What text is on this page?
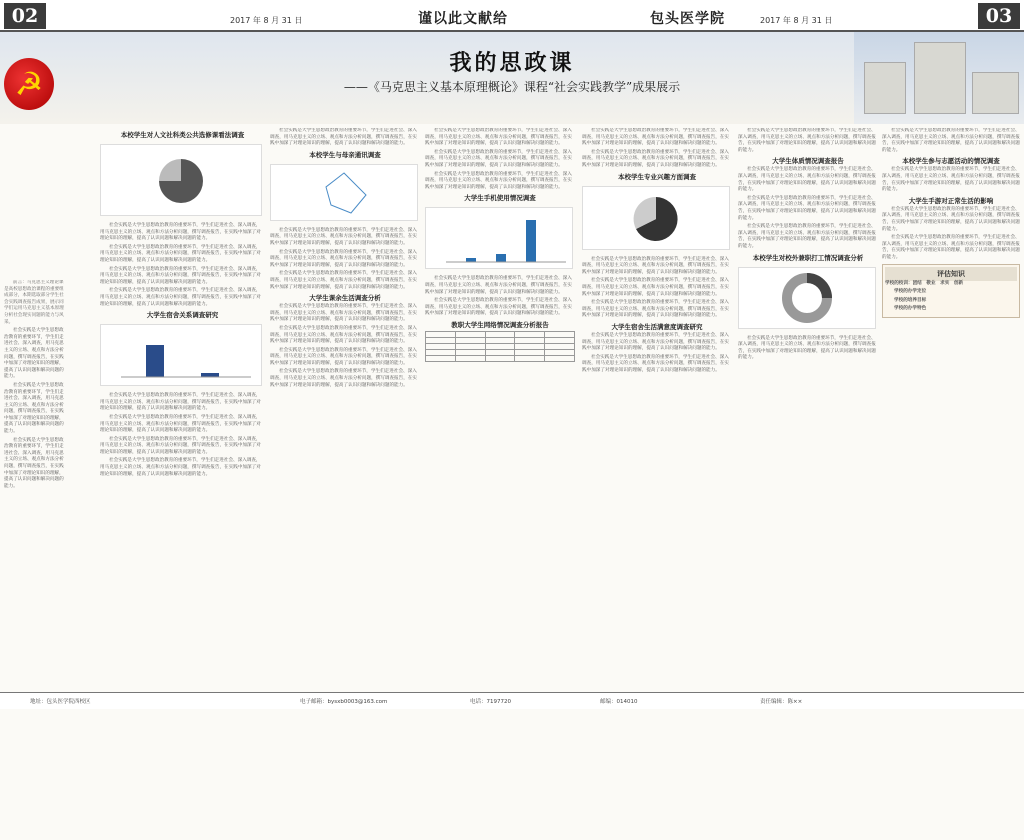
02	2017 年 8 月 31 日	谨以此文献给	包头医学院	2017 年 8 月 31 日	03
☭
我的思政课
——《马克思主义基本原理概论》课程“社会实践教学”成果展示

前言：马克思主义理论课是高校思想政治课程的重要组成部分，本期选取部分学生社会实践调查报告成果，展示同学们运用马克思主义基本原理分析社会现实问题的能力与风采。

社会实践是大学生思想政治教育的重要环节，学生们走进社会、深入调查，用马克思主义的立场、观点和方法分析问题，撰写调查报告，在实践中加深了对理论知识的理解，提高了认识问题和解决问题的能力。

社会实践是大学生思想政治教育的重要环节，学生们走进社会、深入调查，用马克思主义的立场、观点和方法分析问题，撰写调查报告，在实践中加深了对理论知识的理解，提高了认识问题和解决问题的能力。

社会实践是大学生思想政治教育的重要环节，学生们走进社会、深入调查，用马克思主义的立场、观点和方法分析问题，撰写调查报告，在实践中加深了对理论知识的理解，提高了认识问题和解决问题的能力。

本校学生对人文社科类公共选修课看法调查

社会实践是大学生思想政治教育的重要环节，学生们走进社会、深入调查，用马克思主义的立场、观点和方法分析问题，撰写调查报告，在实践中加深了对理论知识的理解，提高了认识问题和解决问题的能力。

社会实践是大学生思想政治教育的重要环节，学生们走进社会、深入调查，用马克思主义的立场、观点和方法分析问题，撰写调查报告，在实践中加深了对理论知识的理解，提高了认识问题和解决问题的能力。

社会实践是大学生思想政治教育的重要环节，学生们走进社会、深入调查，用马克思主义的立场、观点和方法分析问题，撰写调查报告，在实践中加深了对理论知识的理解，提高了认识问题和解决问题的能力。

社会实践是大学生思想政治教育的重要环节，学生们走进社会、深入调查，用马克思主义的立场、观点和方法分析问题，撰写调查报告，在实践中加深了对理论知识的理解，提高了认识问题和解决问题的能力。

大学生宿舍关系调查研究

社会实践是大学生思想政治教育的重要环节，学生们走进社会、深入调查，用马克思主义的立场、观点和方法分析问题，撰写调查报告，在实践中加深了对理论知识的理解，提高了认识问题和解决问题的能力。

社会实践是大学生思想政治教育的重要环节，学生们走进社会、深入调查，用马克思主义的立场、观点和方法分析问题，撰写调查报告，在实践中加深了对理论知识的理解，提高了认识问题和解决问题的能力。

社会实践是大学生思想政治教育的重要环节，学生们走进社会、深入调查，用马克思主义的立场、观点和方法分析问题，撰写调查报告，在实践中加深了对理论知识的理解，提高了认识问题和解决问题的能力。

社会实践是大学生思想政治教育的重要环节，学生们走进社会、深入调查，用马克思主义的立场、观点和方法分析问题，撰写调查报告，在实践中加深了对理论知识的理解，提高了认识问题和解决问题的能力。

社会实践是大学生思想政治教育的重要环节，学生们走进社会、深入调查，用马克思主义的立场、观点和方法分析问题，撰写调查报告，在实践中加深了对理论知识的理解，提高了认识问题和解决问题的能力。

本校学生与母亲通讯调查

社会实践是大学生思想政治教育的重要环节，学生们走进社会、深入调查，用马克思主义的立场、观点和方法分析问题，撰写调查报告，在实践中加深了对理论知识的理解，提高了认识问题和解决问题的能力。

社会实践是大学生思想政治教育的重要环节，学生们走进社会、深入调查，用马克思主义的立场、观点和方法分析问题，撰写调查报告，在实践中加深了对理论知识的理解，提高了认识问题和解决问题的能力。

社会实践是大学生思想政治教育的重要环节，学生们走进社会、深入调查，用马克思主义的立场、观点和方法分析问题，撰写调查报告，在实践中加深了对理论知识的理解，提高了认识问题和解决问题的能力。

大学生课余生活调查分析

社会实践是大学生思想政治教育的重要环节，学生们走进社会、深入调查，用马克思主义的立场、观点和方法分析问题，撰写调查报告，在实践中加深了对理论知识的理解，提高了认识问题和解决问题的能力。

社会实践是大学生思想政治教育的重要环节，学生们走进社会、深入调查，用马克思主义的立场、观点和方法分析问题，撰写调查报告，在实践中加深了对理论知识的理解，提高了认识问题和解决问题的能力。

社会实践是大学生思想政治教育的重要环节，学生们走进社会、深入调查，用马克思主义的立场、观点和方法分析问题，撰写调查报告，在实践中加深了对理论知识的理解，提高了认识问题和解决问题的能力。

社会实践是大学生思想政治教育的重要环节，学生们走进社会、深入调查，用马克思主义的立场、观点和方法分析问题，撰写调查报告，在实践中加深了对理论知识的理解，提高了认识问题和解决问题的能力。

社会实践是大学生思想政治教育的重要环节，学生们走进社会、深入调查，用马克思主义的立场、观点和方法分析问题，撰写调查报告，在实践中加深了对理论知识的理解，提高了认识问题和解决问题的能力。

社会实践是大学生思想政治教育的重要环节，学生们走进社会、深入调查，用马克思主义的立场、观点和方法分析问题，撰写调查报告，在实践中加深了对理论知识的理解，提高了认识问题和解决问题的能力。

社会实践是大学生思想政治教育的重要环节，学生们走进社会、深入调查，用马克思主义的立场、观点和方法分析问题，撰写调查报告，在实践中加深了对理论知识的理解，提高了认识问题和解决问题的能力。

大学生手机使用情况调查

社会实践是大学生思想政治教育的重要环节，学生们走进社会、深入调查，用马克思主义的立场、观点和方法分析问题，撰写调查报告，在实践中加深了对理论知识的理解，提高了认识问题和解决问题的能力。

社会实践是大学生思想政治教育的重要环节，学生们走进社会、深入调查，用马克思主义的立场、观点和方法分析问题，撰写调查报告，在实践中加深了对理论知识的理解，提高了认识问题和解决问题的能力。

教职大学生网络情况调查分析报告

社会实践是大学生思想政治教育的重要环节，学生们走进社会、深入调查，用马克思主义的立场、观点和方法分析问题，撰写调查报告，在实践中加深了对理论知识的理解，提高了认识问题和解决问题的能力。

社会实践是大学生思想政治教育的重要环节，学生们走进社会、深入调查，用马克思主义的立场、观点和方法分析问题，撰写调查报告，在实践中加深了对理论知识的理解，提高了认识问题和解决问题的能力。

本校学生专业兴趣方面调查

社会实践是大学生思想政治教育的重要环节，学生们走进社会、深入调查，用马克思主义的立场、观点和方法分析问题，撰写调查报告，在实践中加深了对理论知识的理解，提高了认识问题和解决问题的能力。

社会实践是大学生思想政治教育的重要环节，学生们走进社会、深入调查，用马克思主义的立场、观点和方法分析问题，撰写调查报告，在实践中加深了对理论知识的理解，提高了认识问题和解决问题的能力。

社会实践是大学生思想政治教育的重要环节，学生们走进社会、深入调查，用马克思主义的立场、观点和方法分析问题，撰写调查报告，在实践中加深了对理论知识的理解，提高了认识问题和解决问题的能力。

大学生宿舍生活满意度调查研究

社会实践是大学生思想政治教育的重要环节，学生们走进社会、深入调查，用马克思主义的立场、观点和方法分析问题，撰写调查报告，在实践中加深了对理论知识的理解，提高了认识问题和解决问题的能力。

社会实践是大学生思想政治教育的重要环节，学生们走进社会、深入调查，用马克思主义的立场、观点和方法分析问题，撰写调查报告，在实践中加深了对理论知识的理解，提高了认识问题和解决问题的能力。

社会实践是大学生思想政治教育的重要环节，学生们走进社会、深入调查，用马克思主义的立场、观点和方法分析问题，撰写调查报告，在实践中加深了对理论知识的理解，提高了认识问题和解决问题的能力。

大学生体质情况调查报告

社会实践是大学生思想政治教育的重要环节，学生们走进社会、深入调查，用马克思主义的立场、观点和方法分析问题，撰写调查报告，在实践中加深了对理论知识的理解，提高了认识问题和解决问题的能力。

社会实践是大学生思想政治教育的重要环节，学生们走进社会、深入调查，用马克思主义的立场、观点和方法分析问题，撰写调查报告，在实践中加深了对理论知识的理解，提高了认识问题和解决问题的能力。

社会实践是大学生思想政治教育的重要环节，学生们走进社会、深入调查，用马克思主义的立场、观点和方法分析问题，撰写调查报告，在实践中加深了对理论知识的理解，提高了认识问题和解决问题的能力。

本校学生对校外兼职打工情况调查分析

社会实践是大学生思想政治教育的重要环节，学生们走进社会、深入调查，用马克思主义的立场、观点和方法分析问题，撰写调查报告，在实践中加深了对理论知识的理解，提高了认识问题和解决问题的能力。

社会实践是大学生思想政治教育的重要环节，学生们走进社会、深入调查，用马克思主义的立场、观点和方法分析问题，撰写调查报告，在实践中加深了对理论知识的理解，提高了认识问题和解决问题的能力。

本校学生参与志愿活动的情况调查

社会实践是大学生思想政治教育的重要环节，学生们走进社会、深入调查，用马克思主义的立场、观点和方法分析问题，撰写调查报告，在实践中加深了对理论知识的理解，提高了认识问题和解决问题的能力。

大学生手游对正常生活的影响

社会实践是大学生思想政治教育的重要环节，学生们走进社会、深入调查，用马克思主义的立场、观点和方法分析问题，撰写调查报告，在实践中加深了对理论知识的理解，提高了认识问题和解决问题的能力。

社会实践是大学生思想政治教育的重要环节，学生们走进社会、深入调查，用马克思主义的立场、观点和方法分析问题，撰写调查报告，在实践中加深了对理论知识的理解，提高了认识问题和解决问题的能力。

评估知识
学校的校训：团结　敬业　求实　创新
学校的办学定位
学校的培养目标
学校的办学特色
地址：包头医学院西校区	电子邮箱：bysxb0003@163.com	电话：7197720	邮编：014010	责任编辑：陈××
